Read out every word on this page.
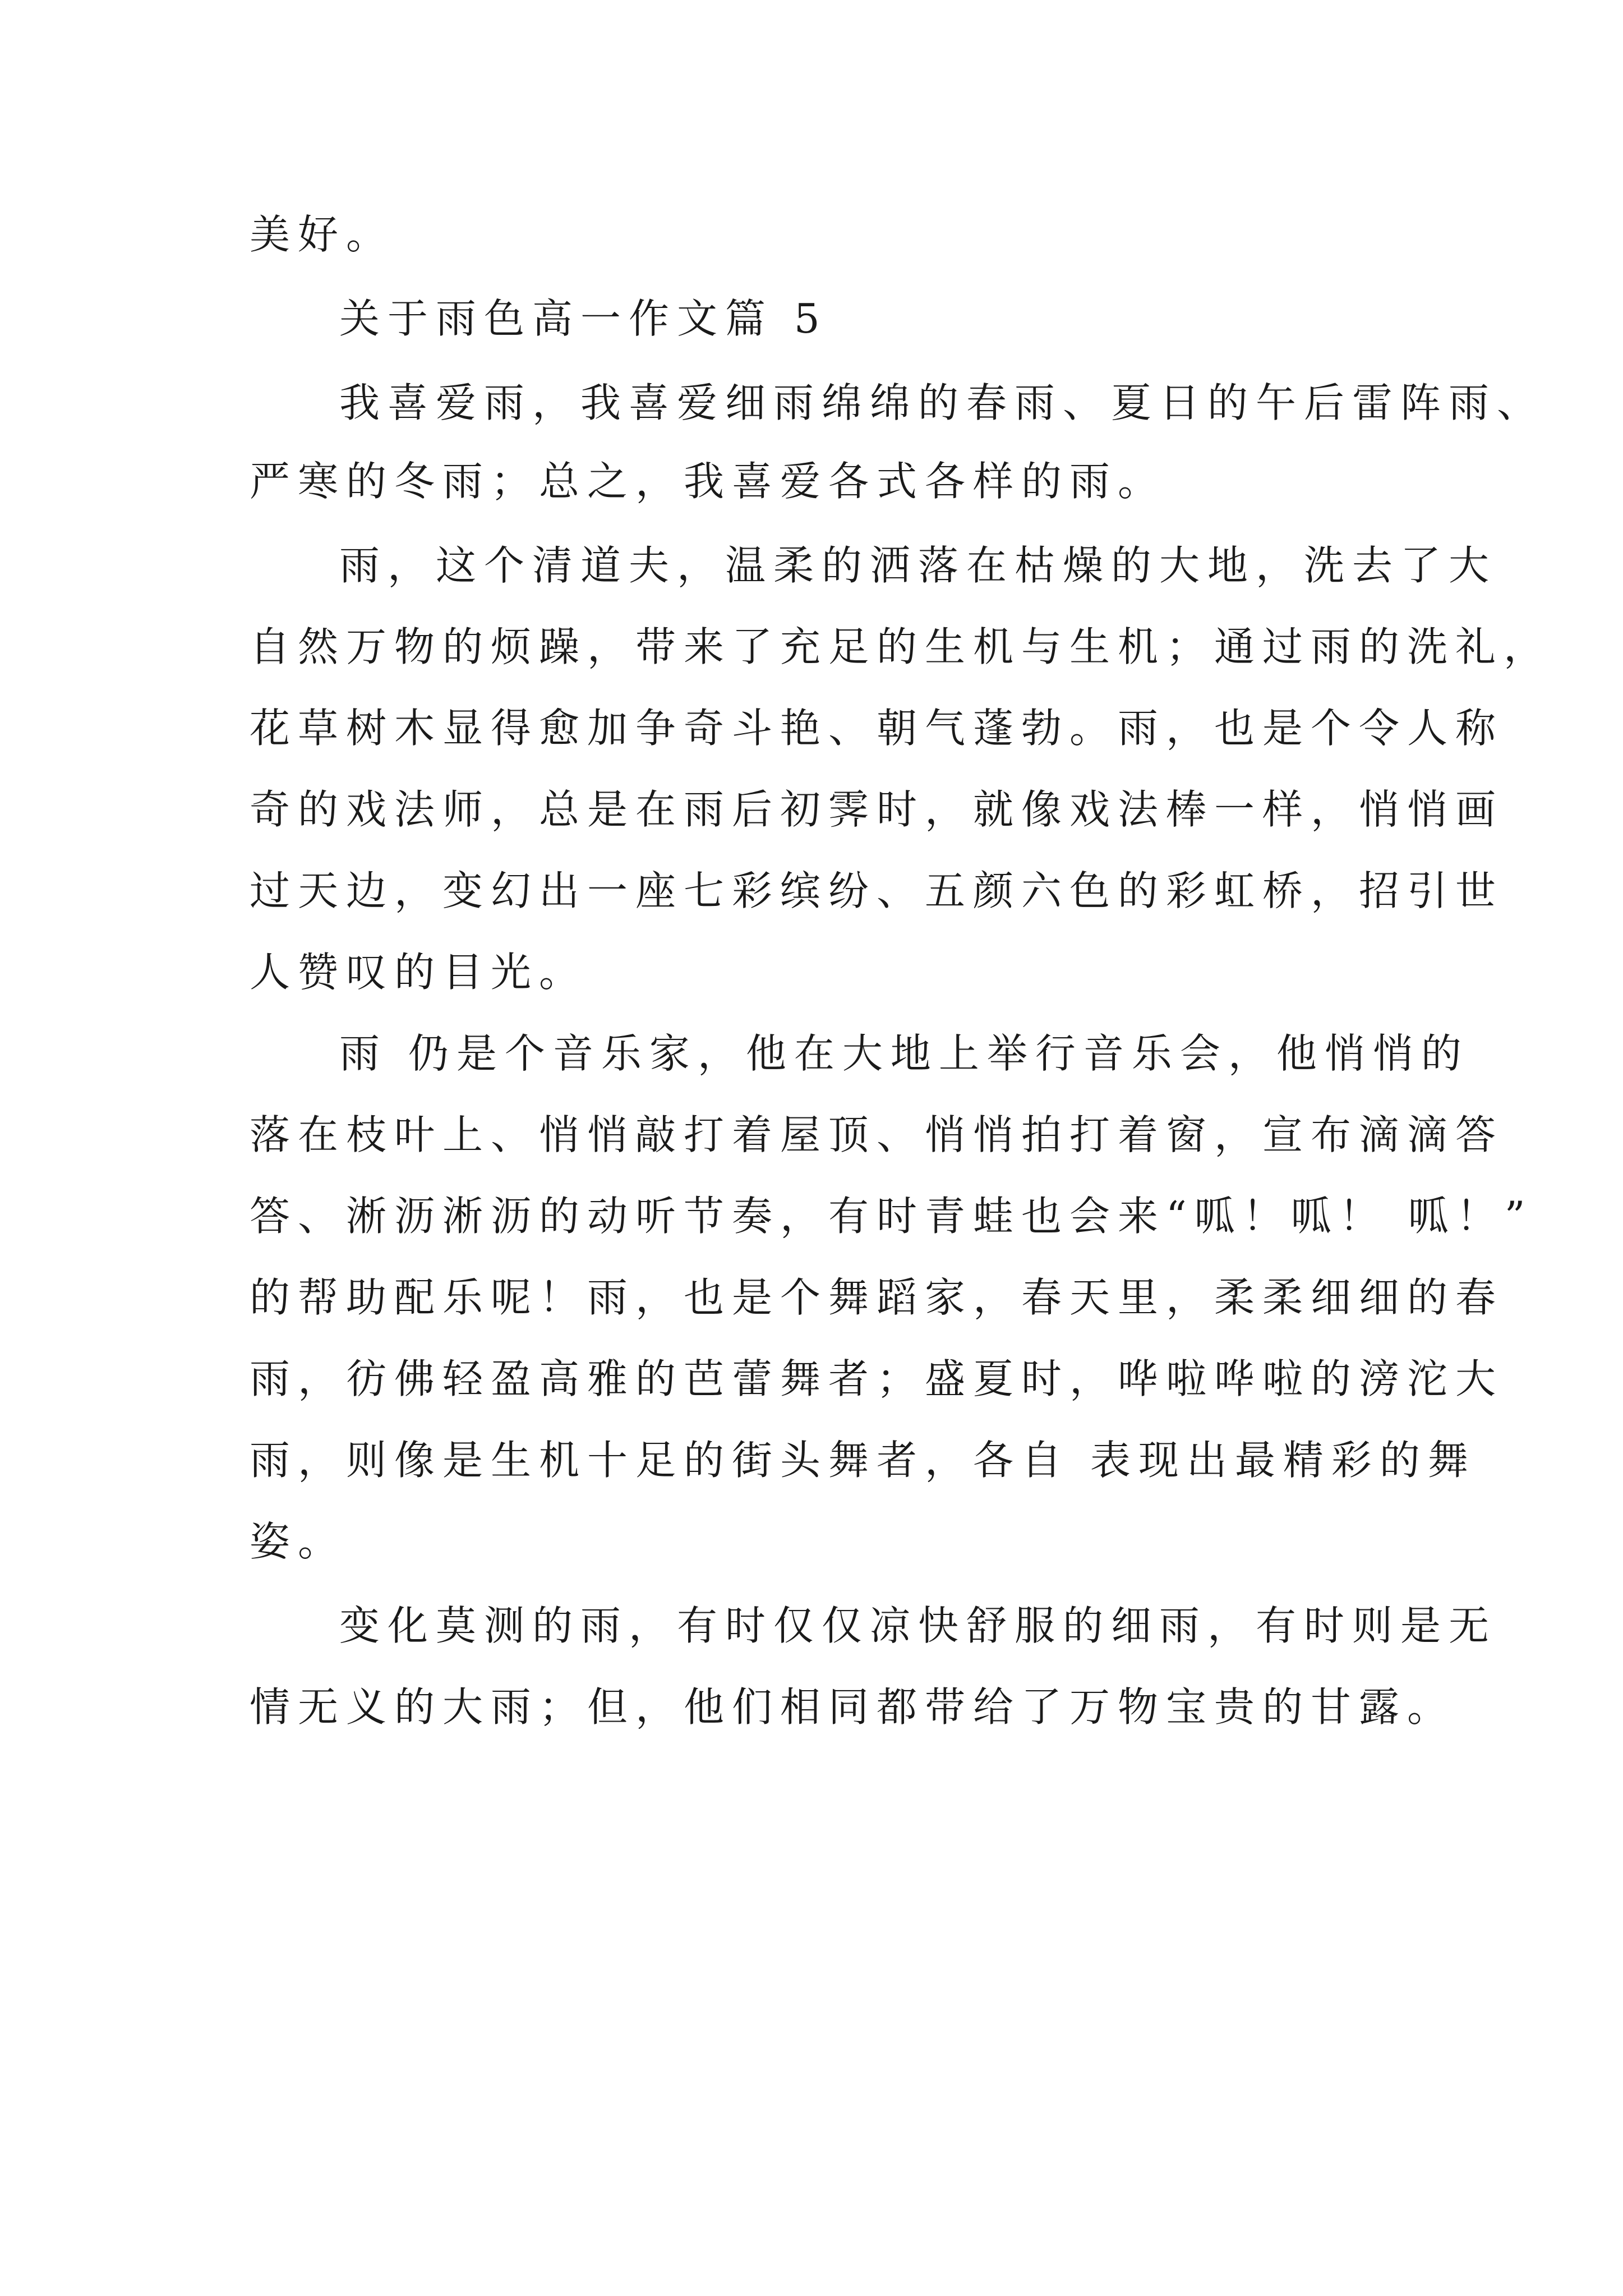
美好。
关于雨色高一作文篇 5
我喜爱雨，我喜爱细雨绵绵的春雨、夏日的午后雷阵雨、
严寒的冬雨；总之，我喜爱各式各样的雨。
雨，这个清道夫，温柔的洒落在枯燥的大地，洗去了大
自然万物的烦躁，带来了充足的生机与生机；通过雨的洗礼，
花草树木显得愈加争奇斗艳、朝气蓬勃。雨，也是个令人称
奇的戏法师，总是在雨后初霁时，就像戏法棒一样，悄悄画
过天边，变幻出一座七彩缤纷、五颜六色的彩虹桥，招引世
人赞叹的目光。
雨 仍是个音乐家，他在大地上举行音乐会，他悄悄的
落在枝叶上、悄悄敲打着屋顶、悄悄拍打着窗，宣布滴滴答
答、淅沥淅沥的动听节奏，有时青蛙也会来“呱！呱！ 呱！”
的帮助配乐呢！雨，也是个舞蹈家，春天里，柔柔细细的春
雨，彷佛轻盈高雅的芭蕾舞者；盛夏时，哗啦哗啦的滂沱大
雨，则像是生机十足的街头舞者，各自 表现出最精彩的舞
姿。
变化莫测的雨，有时仅仅凉快舒服的细雨，有时则是无
情无义的大雨；但，他们相同都带给了万物宝贵的甘露。
